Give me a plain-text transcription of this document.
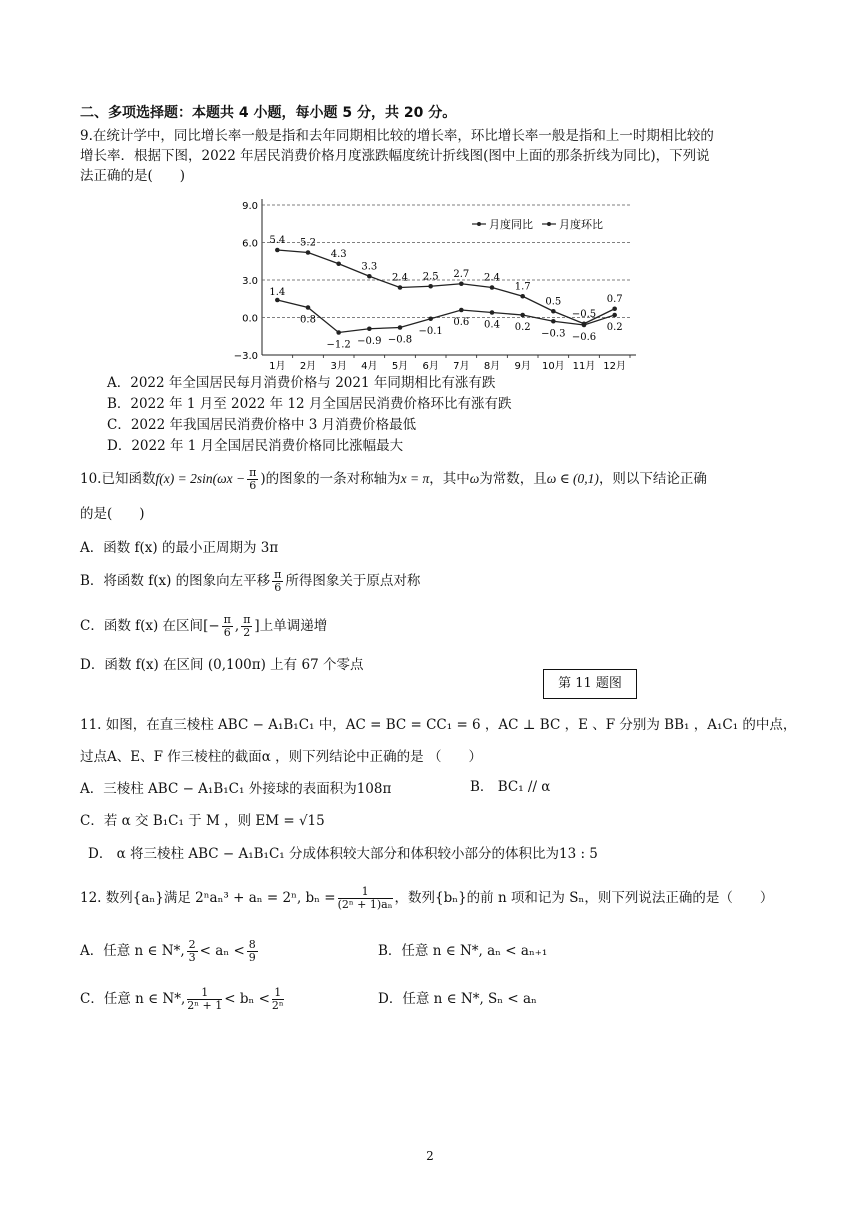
二、多项选择题：本题共 4 小题，每小题 5 分，共 20 分。
9.在统计学中，同比增长率一般是指和去年同期相比较的增长率，环比增长率一般是指和上一时期相比较的
增长率．根据下图，2022 年居民消费价格月度涨跌幅度统计折线图(图中上面的那条折线为同比)，下列说
法正确的是(　　)
9.0
6.0
3.0
0.0
−3.0
1月 2月 3月 4月 5月 6月 7月 8月 9月 10月 11月 12月
5.4 5.2
4.3
3.3
2.4 2.5 2.7 2.4
1.7
0.5
−0.5
0.7
1.4
0.8
−1.2 −0.9 −0.8
−0.1
0.6 0.4 0.2
−0.3 −0.6
0.2
月度同比 月度环比
A．2022 年全国居民每月消费价格与 2021 年同期相比有涨有跌
B．2022 年 1 月至 2022 年 12 月全国居民消费价格环比有涨有跌
C．2022 年我国居民消费价格中 3 月消费价格最低
D．2022 年 1 月全国居民消费价格同比涨幅最大
10.已知函数$f(x) = 2\sin(\omega x - \frac{\pi}{6}$ )的图象的一条对称轴为x = π，其中ω为常数，且ω ∈ (0,1)，则以下结论正确
的是(　　)
A．函数 f(x) 的最小正周期为 3π
B．将函数 f(x) 的图象向左平移 $\frac{\pi}{6}$ 所得图象关于原点对称
C．函数 f(x) 在区间[− $\frac{\pi}{6}$ , $\frac{\pi}{2}$ ]上单调递增
D．函数 f(x) 在区间 (0,100π) 上有 67 个零点
第 11 题图
11. 如图，在直三棱柱 ABC − A₁B₁C₁ 中，AC = BC = CC₁ = 6 ，AC ⊥ BC ，E 、F 分别为 BB₁ ，A₁C₁ 的中点，
过点A、E、F 作三棱柱的截面α ，则下列结论中正确的是 （　　）
A．三棱柱 ABC − A₁B₁C₁ 外接球的表面积为108π	B． BC₁ // α
C．若 α 交 B₁C₁ 于 M ，则 EM = √15
D． α 将三棱柱 ABC − A₁B₁C₁ 分成体积较大部分和体积较小部分的体积比为13 : 5
12. 数列{aₙ}满足 2ⁿaₙ³ + aₙ = 2ⁿ, $b_n = \frac{1}{\text{(2ⁿ + 1)aₙ}}$ ，数列{bₙ}的前 n 项和记为 Sₙ，则下列说法正确的是（　　）
A．任意 n ∈ N*, $\frac{2}{3} < a_n < \frac{8}{9}$	B．任意 n ∈ N*, aₙ < aₙ₊₁
C．任意 n ∈ N*, $\frac{1}{\text{2ⁿ + 1}} < b_n < \frac{1}{\text{2ⁿ}}$	D．任意 n ∈ N*, Sₙ < aₙ
2
